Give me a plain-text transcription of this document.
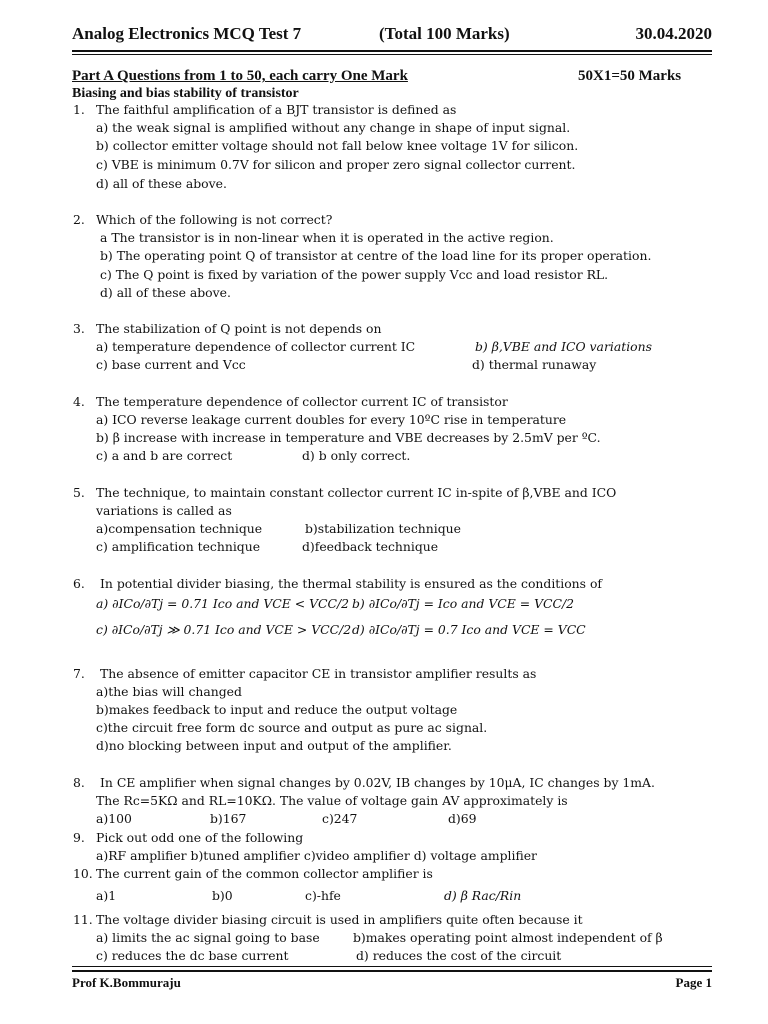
Analog Electronics MCQ Test 7	(Total 100 Marks)	30.04.2020
Part A Questions from 1 to 50, each carry One Mark	50X1=50 Marks
Biasing and bias stability of transistor
1. The faithful amplification of a BJT transistor is defined as
a) the weak signal is amplified without any change in shape of input signal.
b) collector emitter voltage should not fall below knee voltage 1V for silicon.
c) VBE is minimum 0.7V for silicon and proper zero signal collector current.
d) all of these above.
2. Which of the following is not correct?
a The transistor is in non-linear when it is operated in the active region.
b) The operating point Q of transistor at centre of the load line for its proper operation.
c) The Q point is fixed by variation of the power supply Vcc and load resistor RL.
d) all of these above.
3. The stabilization of Q point is not depends on
a) temperature dependence of collector current IC	b) β,VBE and ICO variations
c) base current and Vcc	d) thermal runaway
4. The temperature dependence of collector current IC of transistor
a) ICO reverse leakage current doubles for every 10ºC rise in temperature
b) β increase with increase in temperature and VBE decreases by 2.5mV per ºC.
c) a and b are correct	d) b only correct.
5. The technique, to maintain constant collector current IC in-spite of β,VBE and ICO
variations is called as
a)compensation technique	b)stabilization technique
c) amplification technique	d)feedback technique
6. In potential divider biasing, the thermal stability is ensured as the conditions of
a) ∂ICo/∂Tj = 0.71 Ico and VCE < VCC/2 b) ∂ICo/∂Tj = Ico and VCE = VCC/2
c) ∂ICo/∂Tj ≫ 0.71 Ico and VCE > VCC/2 d) ∂ICo/∂Tj = 0.7 Ico and VCE = VCC
7. The absence of emitter capacitor CE in transistor amplifier results as
a)the bias will changed
b)makes feedback to input and reduce the output voltage
c)the circuit free form dc source and output as pure ac signal.
d)no blocking between input and output of the amplifier.
8. In CE amplifier when signal changes by 0.02V, IB changes by 10μA, IC changes by 1mA.
The Rc=5KΩ and RL=10KΩ. The value of voltage gain AV approximately is
a)100	b)167	c)247	d)69
9. Pick out odd one of the following
a)RF amplifier b)tuned amplifier c)video amplifier d) voltage amplifier
10. The current gain of the common collector amplifier is
a)1	b)0	c)-hfe	d) β Rac/Rin
11. The voltage divider biasing circuit is used in amplifiers quite often because it
a) limits the ac signal going to base	b)makes operating point almost independent of β
c) reduces the dc base current	d) reduces the cost of the circuit
Prof K.Bommuraju	Page 1
